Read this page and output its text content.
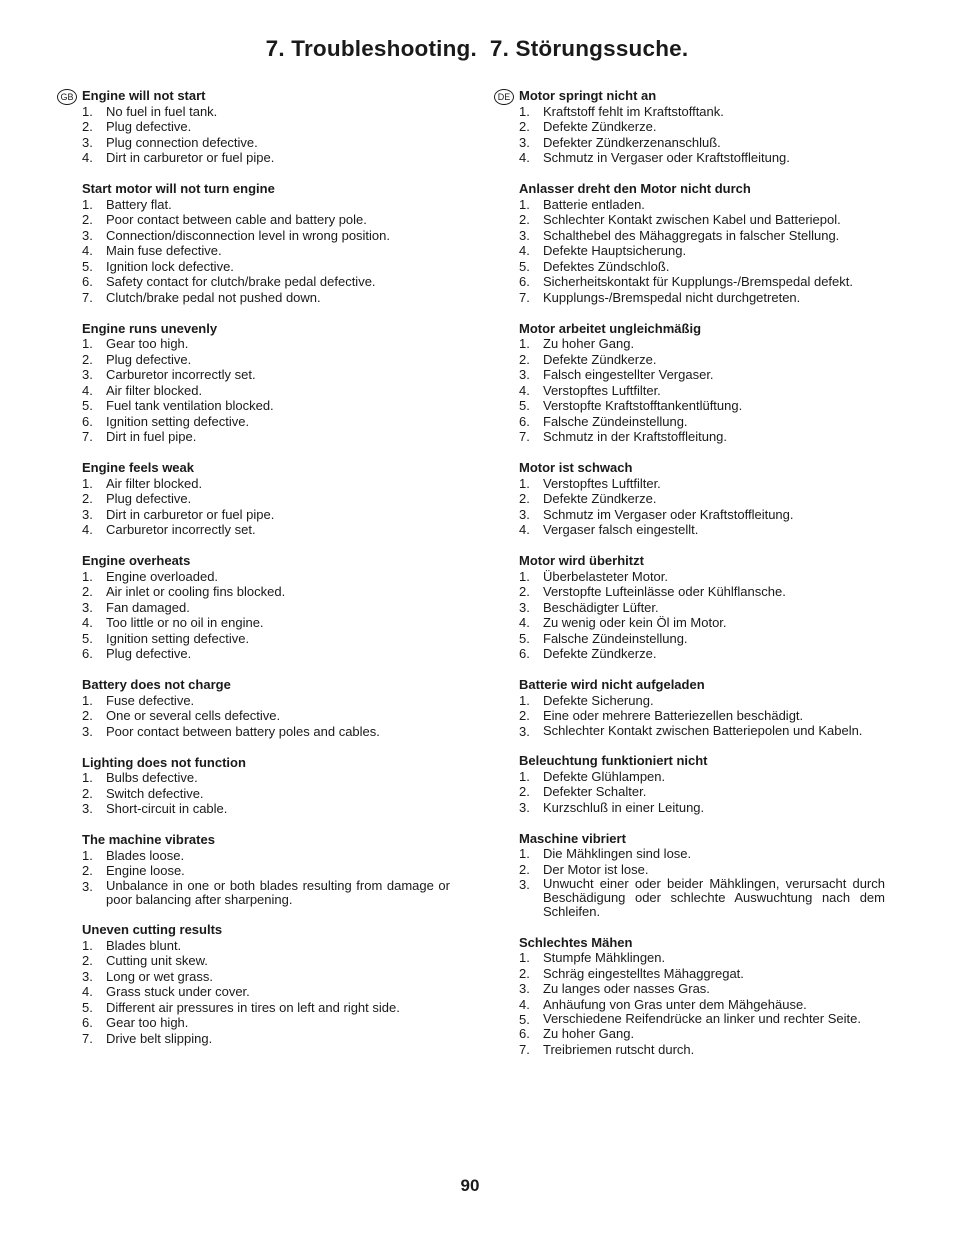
7. Troubleshooting. 7. Störungssuche.
GB Engine will not start
1. No fuel in fuel tank.
2. Plug defective.
3. Plug connection defective.
4. Dirt in carburetor or fuel pipe.
Start motor will not turn engine
1. Battery flat.
2. Poor contact between cable and battery pole.
3. Connection/disconnection level in wrong position.
4. Main fuse defective.
5. Ignition lock defective.
6. Safety contact for clutch/brake pedal defective.
7. Clutch/brake pedal not pushed down.
Engine runs unevenly
1. Gear too high.
2. Plug defective.
3. Carburetor incorrectly set.
4. Air filter blocked.
5. Fuel tank ventilation blocked.
6. Ignition setting defective.
7. Dirt in fuel pipe.
Engine feels weak
1. Air filter blocked.
2. Plug defective.
3. Dirt in carburetor or fuel pipe.
4. Carburetor incorrectly set.
Engine overheats
1. Engine overloaded.
2. Air inlet or cooling fins blocked.
3. Fan damaged.
4. Too little or no oil in engine.
5. Ignition setting defective.
6. Plug defective.
Battery does not charge
1. Fuse defective.
2. One or several cells defective.
3. Poor contact between battery poles and cables.
Lighting does not function
1. Bulbs defective.
2. Switch defective.
3. Short-circuit in cable.
The machine vibrates
1. Blades loose.
2. Engine loose.
3. Unbalance in one or both blades resulting from damage or poor balancing after sharpening.
Uneven cutting results
1. Blades blunt.
2. Cutting unit skew.
3. Long or wet grass.
4. Grass stuck under cover.
5. Different air pressures in tires on left and right side.
6. Gear too high.
7. Drive belt slipping.
DE Motor springt nicht an
1. Kraftstoff fehlt im Kraftstofftank.
2. Defekte Zündkerze.
3. Defekter Zündkerzenanschluß.
4. Schmutz in Vergaser oder Kraftstoffleitung.
Anlasser dreht den Motor nicht durch
1. Batterie entladen.
2. Schlechter Kontakt zwischen Kabel und Batteriepol.
3. Schalthebel des Mähaggregats in falscher Stellung.
4. Defekte Hauptsicherung.
5. Defektes Zündschloß.
6. Sicherheitskontakt für Kupplungs-/Bremspedal defekt.
7. Kupplungs-/Bremspedal nicht durchgetreten.
Motor arbeitet ungleichmäßig
1. Zu hoher Gang.
2. Defekte Zündkerze.
3. Falsch eingestellter Vergaser.
4. Verstopftes Luftfilter.
5. Verstopfte Kraftstofftankentlüftung.
6. Falsche Zündeinstellung.
7. Schmutz in der Kraftstoffleitung.
Motor ist schwach
1. Verstopftes Luftfilter.
2. Defekte Zündkerze.
3. Schmutz im Vergaser oder Kraftstoffleitung.
4. Vergaser falsch eingestellt.
Motor wird überhitzt
1. Überbelasteter Motor.
2. Verstopfte Lufteinlässe oder Kühlflansche.
3. Beschädigter Lüfter.
4. Zu wenig oder kein Öl im Motor.
5. Falsche Zündeinstellung.
6. Defekte Zündkerze.
Batterie wird nicht aufgeladen
1. Defekte Sicherung.
2. Eine oder mehrere Batteriezellen beschädigt.
3. Schlechter Kontakt zwischen Batteriepolen und Kabeln.
Beleuchtung funktioniert nicht
1. Defekte Glühlampen.
2. Defekter Schalter.
3. Kurzschluß in einer Leitung.
Maschine vibriert
1. Die Mähklingen sind lose.
2. Der Motor ist lose.
3. Unwucht einer oder beider Mähklingen, verursacht durch Beschädigung oder schlechte Auswuchtung nach dem Schleifen.
Schlechtes Mähen
1. Stumpfe Mähklingen.
2. Schräg eingestelltes Mähaggregat.
3. Zu langes oder nasses Gras.
4. Anhäufung von Gras unter dem Mähgehäuse.
5. Verschiedene Reifendrücke an linker und rechter Seite.
6. Zu hoher Gang.
7. Treibriemen rutscht durch.
90
